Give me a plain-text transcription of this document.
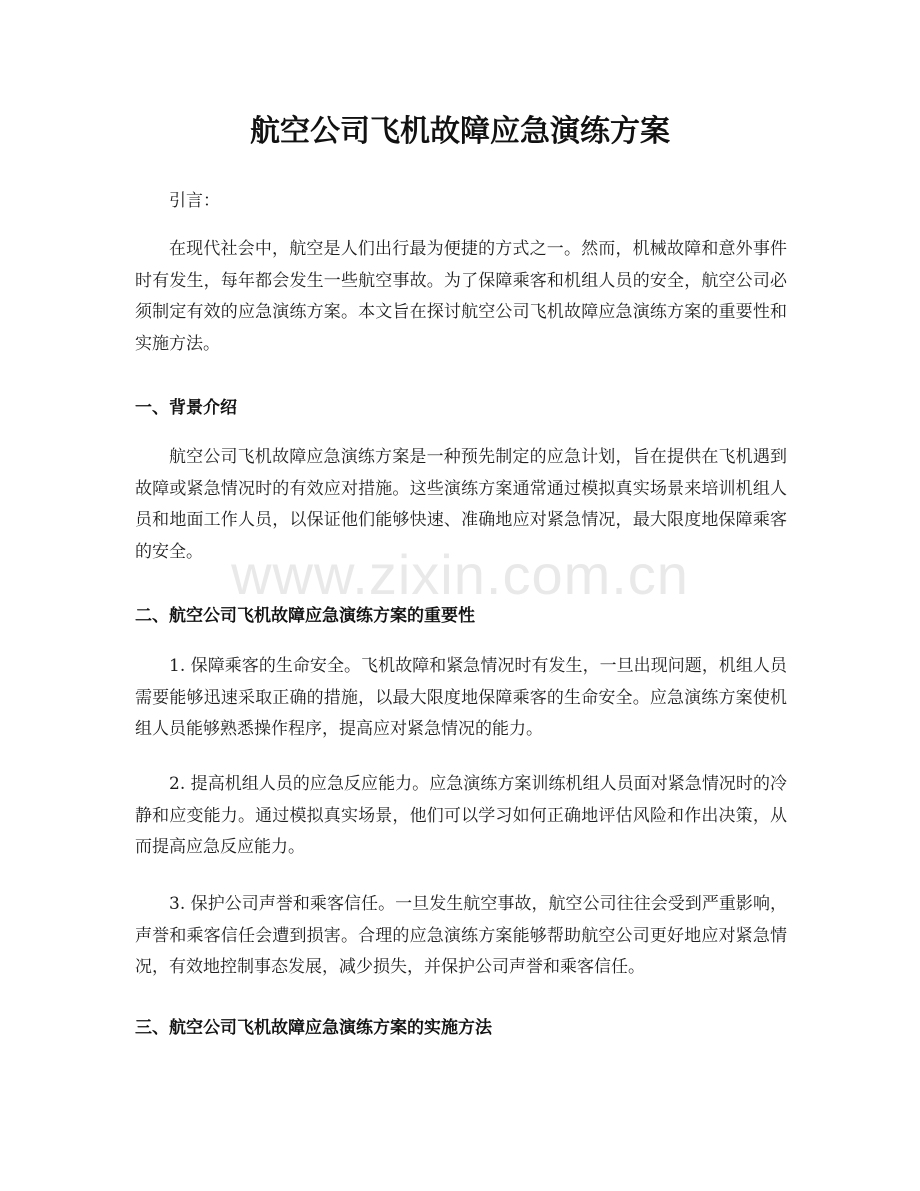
航空公司飞机故障应急演练方案

引言：

在现代社会中，航空是人们出行最为便捷的方式之一。然而，机械故障和意外事件时有发生，每年都会发生一些航空事故。为了保障乘客和机组人员的安全，航空公司必须制定有效的应急演练方案。本文旨在探讨航空公司飞机故障应急演练方案的重要性和实施方法。

一、背景介绍

航空公司飞机故障应急演练方案是一种预先制定的应急计划，旨在提供在飞机遇到故障或紧急情况时的有效应对措施。这些演练方案通常通过模拟真实场景来培训机组人员和地面工作人员，以保证他们能够快速、准确地应对紧急情况，最大限度地保障乘客的安全。

二、航空公司飞机故障应急演练方案的重要性

1. 保障乘客的生命安全。飞机故障和紧急情况时有发生，一旦出现问题，机组人员需要能够迅速采取正确的措施，以最大限度地保障乘客的生命安全。应急演练方案使机组人员能够熟悉操作程序，提高应对紧急情况的能力。

2. 提高机组人员的应急反应能力。应急演练方案训练机组人员面对紧急情况时的冷静和应变能力。通过模拟真实场景，他们可以学习如何正确地评估风险和作出决策，从而提高应急反应能力。

3. 保护公司声誉和乘客信任。一旦发生航空事故，航空公司往往会受到严重影响，声誉和乘客信任会遭到损害。合理的应急演练方案能够帮助航空公司更好地应对紧急情况，有效地控制事态发展，减少损失，并保护公司声誉和乘客信任。

三、航空公司飞机故障应急演练方案的实施方法
www.zixin.com.cn
